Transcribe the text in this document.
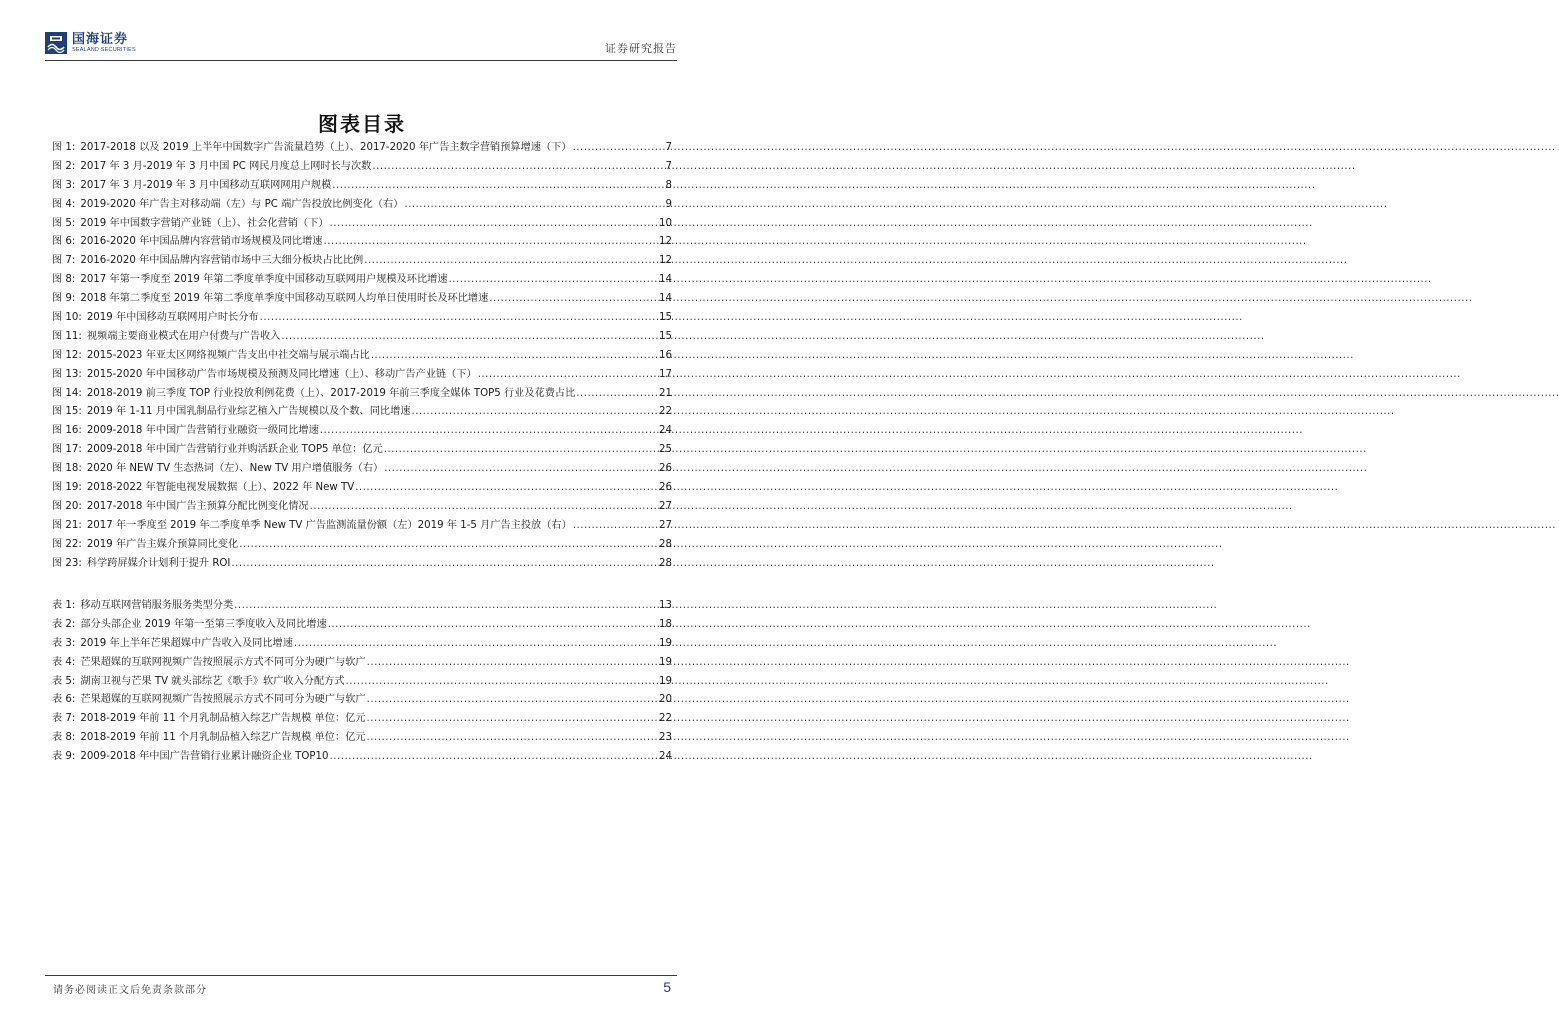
国海证券
SEALAND SECURITIES	证券研究报告
图表目录
图 1: 2017-2018 以及 2019 上半年中国数字广告流量趋势（上）、2017-2020 年广告主数字营销预算增速（下） .....	7
图 2: 2017 年 3 月-2019 年 3 月中国 PC 网民月度总上网时长与次数 .....	7
图 3: 2017 年 3 月-2019 年 3 月中国移动互联网网用户规模 .....	8
图 4: 2019-2020 年广告主对移动端（左）与 PC 端广告投放比例变化（右） .....	9
图 5: 2019 年中国数字营销产业链（上）、社会化营销（下） .....	10
图 6: 2016-2020 年中国品牌内容营销市场规模及同比增速 .....	12
图 7: 2016-2020 年中国品牌内容营销市场中三大细分板块占比比例 .....	12
图 8: 2017 年第一季度至 2019 年第二季度单季度中国移动互联网用户规模及环比增速 .....	14
图 9: 2018 年第二季度至 2019 年第二季度单季度中国移动互联网人均单日使用时长及环比增速 .....	14
图 10: 2019 年中国移动互联网用户时长分布 .....	15
图 11: 视频端主要商业模式在用户付费与广告收入 .....	15
图 12: 2015-2023 年亚太区网络视频广告支出中社交端与展示端占比 .....	16
图 13: 2015-2020 年中国移动广告市场规模及预测及同比增速（上）、移动广告产业链（下） .....	17
图 14: 2018-2019 前三季度 TOP 行业投放利例花费（上）、2017-2019 年前三季度全媒体 TOP5 行业及花费占比 .....	21
图 15: 2019 年 1-11 月中国乳制品行业综艺植入广告规模以及个数、同比增速 .....	22
图 16: 2009-2018 年中国广告营销行业融资一级同比增速 .....	24
图 17: 2009-2018 年中国广告营销行业并购活跃企业 TOP5 单位：亿元 .....	25
图 18: 2020 年 NEW TV 生态热词（左）、New TV 用户增值服务（右） .....	26
图 19: 2018-2022 年智能电视发展数据（上）、2022 年 New TV .....	26
图 20: 2017-2018 年中国广告主预算分配比例变化情况 .....	27
图 21: 2017 年一季度至 2019 年二季度单季 New TV 广告监测流量份额（左）2019 年 1-5 月广告主投放（右） .....	27
图 22: 2019 年广告主媒介预算同比变化 .....	28
图 23: 科学跨屏媒介计划利于提升 ROI .....	28
表 1: 移动互联网营销服务服务类型分类 .....	13
表 2: 部分头部企业 2019 年第一至第三季度收入及同比增速 .....	18
表 3: 2019 年上半年芒果超媒中广告收入及同比增速 .....	19
表 4: 芒果超媒的互联网视频广告按照展示方式不同可分为硬广与软广 .....	19
表 5: 湖南卫视与芒果 TV 就头部综艺《歌手》软广收入分配方式 .....	19
表 6: 芒果超媒的互联网视频广告按照展示方式不同可分为硬广与软广 .....	20
表 7: 2018-2019 年前 11 个月乳制品植入综艺广告规模 单位：亿元 .....	22
表 8: 2018-2019 年前 11 个月乳制品植入综艺广告规模 单位：亿元 .....	23
表 9: 2009-2018 年中国广告营销行业累计融资企业 TOP10 .....	24
请务必阅读正文后免责条款部分	5
